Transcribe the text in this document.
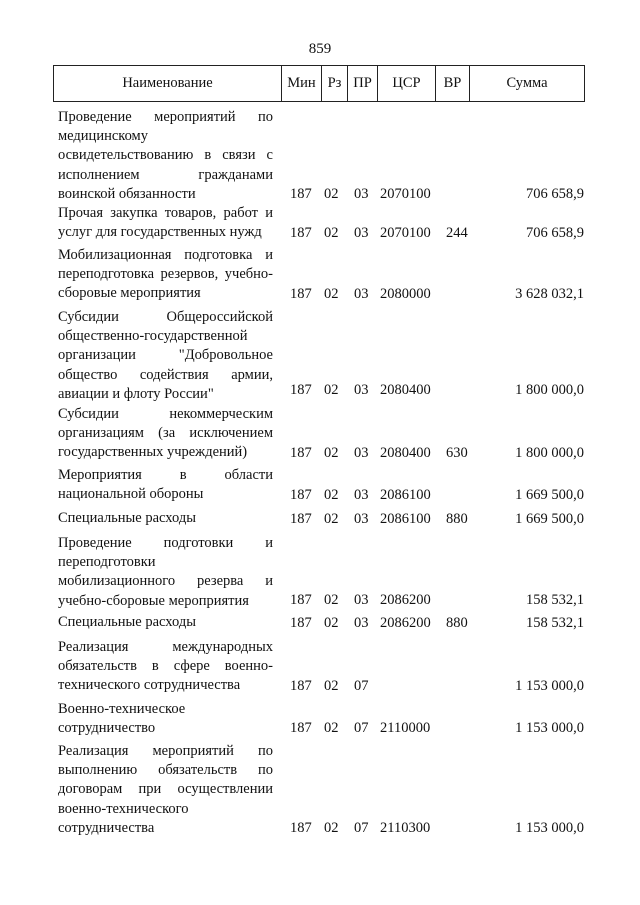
859
Наименование	Мин Рз ПР	ЦСР	ВР	Сумма
Проведение мероприятий по медицинскому освидетельствованию в связи с исполнением гражданами воинской обязанности	187 02 03 2070100	706 658,9
Прочая закупка товаров, работ и услуг для государственных нужд	187 02 03 2070100 244	706 658,9
Мобилизационная подготовка и переподготовка резервов, учебно-сборовые мероприятия	187 02 03 2080000	3 628 032,1
Субсидии Общероссийской общественно-государственной организации "Добровольное общество содействия армии, авиации и флоту России"	187 02 03 2080400	1 800 000,0
Субсидии некоммерческим организациям (за исключением государственных учреждений)	187 02 03 2080400 630	1 800 000,0
Мероприятия в области национальной обороны	187 02 03 2086100	1 669 500,0
Специальные расходы	187 02 03 2086100 880	1 669 500,0
Проведение подготовки и переподготовки мобилизационного резерва и учебно-сборовые мероприятия	187 02 03 2086200	158 532,1
Специальные расходы	187 02 03 2086200 880	158 532,1
Реализация международных обязательств в сфере военно-технического сотрудничества	187 02 07	1 153 000,0
Военно-техническое сотрудничество	187 02 07 2110000	1 153 000,0
Реализация мероприятий по выполнению обязательств по договорам при осуществлении военно-технического сотрудничества	187 02 07 2110300	1 153 000,0
